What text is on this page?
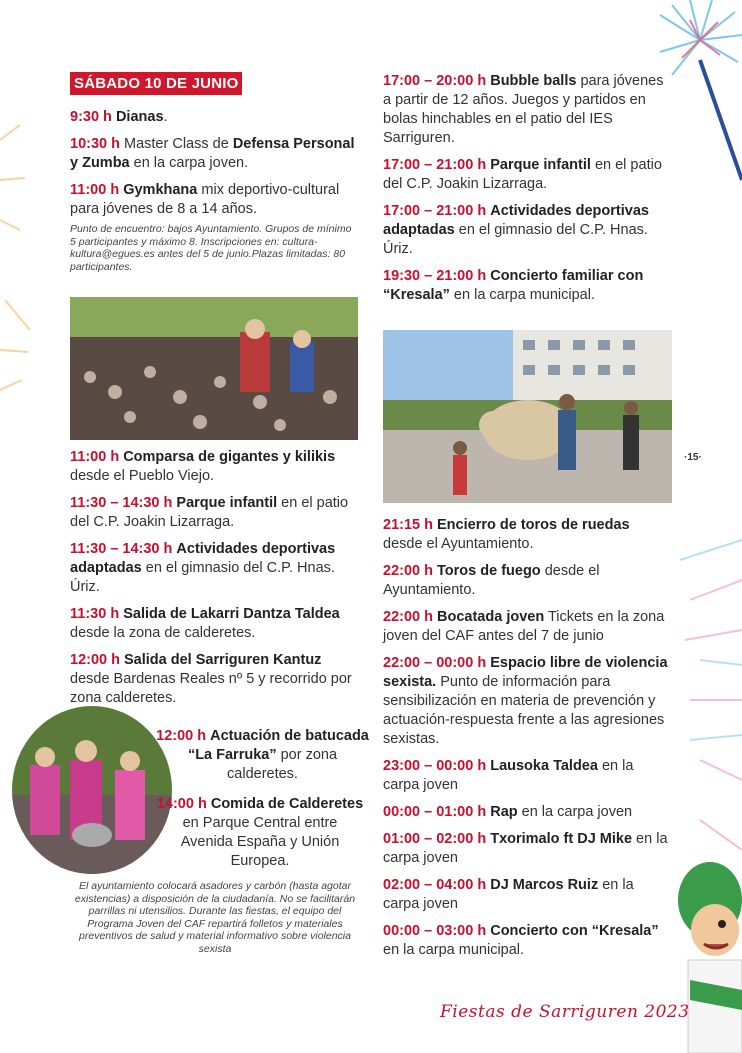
SÁBADO 10 DE JUNIO

9:30 h Dianas.

10:30 h Master Class de Defensa Personal y Zumba en la carpa joven.

11:00 h Gymkhana mix deportivo-cultural para jóvenes de 8 a 14 años.

Punto de encuentro: bajos Ayuntamiento. Grupos de mínimo 5 participantes y máximo 8. Inscripciones en: cultura-kultura@egues.es antes del 5 de junio.Plazas limitadas: 80 participantes.

17:00 – 20:00 h Bubble balls para jóvenes a partir de 12 años. Juegos y partidos en bolas hinchables en el patio del IES Sarriguren.

17:00 – 21:00 h Parque infantil en el patio del C.P. Joakin Lizarraga.

17:00 – 21:00 h Actividades deportivas adaptadas en el gimnasio del C.P. Hnas. Úriz.

19:30 – 21:00 h Concierto familiar con “Kresala” en la carpa municipal.

11:00 h Comparsa de gigantes y kilikis desde el Pueblo Viejo.

11:30 – 14:30 h Parque infantil en el patio del C.P. Joakin Lizarraga.

11:30 – 14:30 h Actividades deportivas adaptadas en el gimnasio del C.P. Hnas. Úriz.

11:30 h Salida de Lakarri Dantza Taldea desde la zona de calderetes.

12:00 h Salida del Sarriguren Kantuz desde Bardenas Reales nº 5 y recorrido por zona calderetes.

12:00 h Actuación de batucada “La Farruka” por zona calderetes.

14:00 h Comida de Calderetes en Parque Central entre Avenida España y Unión Europea.

El ayuntamiento colocará asadores y carbón (hasta agotar existencias) a disposición de la ciudadanía. No se facilitarán parrillas ni utensilios. Durante las fiestas, el equipo del Programa Joven del CAF repartirá folletos y materiales preventivos de salud y material informativo sobre violencia sexista

21:15 h Encierro de toros de ruedas desde el Ayuntamiento.

22:00 h Toros de fuego desde el Ayuntamiento.

22:00 h Bocatada joven Tickets en la zona joven del CAF antes del 7 de junio

22:00 – 00:00 h Espacio libre de violencia sexista. Punto de información para sensibilización en materia de prevención y actuación-respuesta frente a las agresiones sexistas.

23:00 – 00:00 h Lausoka Taldea en la carpa joven

00:00 – 01:00 h Rap en la carpa joven

01:00 – 02:00 h Txorimalo ft DJ Mike en la carpa joven

02:00 – 04:00 h DJ Marcos Ruiz en la carpa joven

00:00 – 03:00 h Concierto con “Kresala” en la carpa municipal.

·15·
Fiestas de Sarriguren 2023
